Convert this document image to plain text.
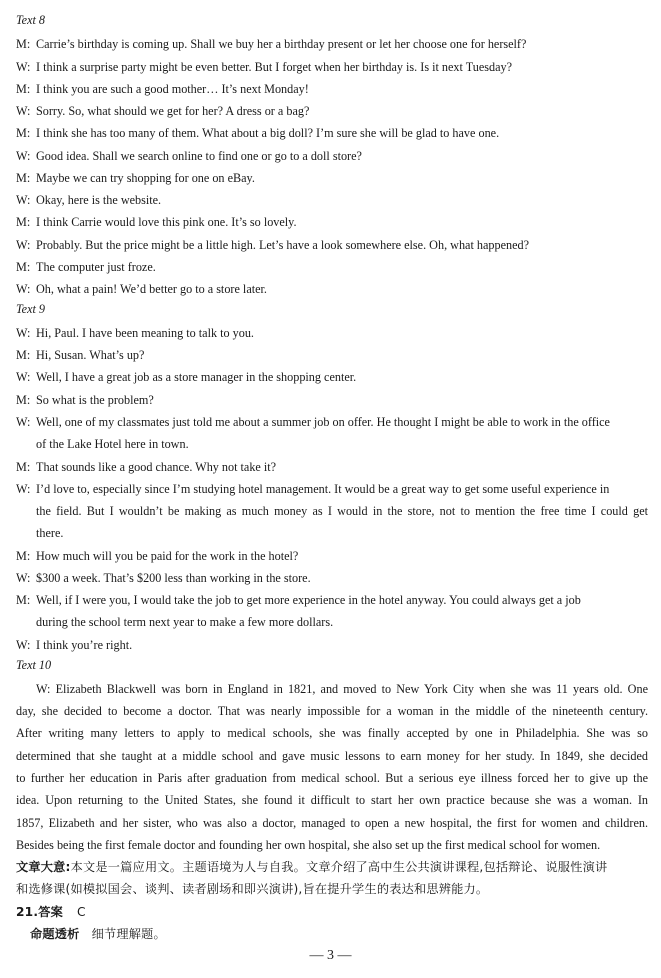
Text 8
M: Carrie’s birthday is coming up. Shall we buy her a birthday present or let her choose one for herself?
W: I think a surprise party might be even better. But I forget when her birthday is. Is it next Tuesday?
M: I think you are such a good mother… It’s next Monday!
W: Sorry. So, what should we get for her? A dress or a bag?
M: I think she has too many of them. What about a big doll? I’m sure she will be glad to have one.
W: Good idea. Shall we search online to find one or go to a doll store?
M: Maybe we can try shopping for one on eBay.
W: Okay, here is the website.
M: I think Carrie would love this pink one. It’s so lovely.
W: Probably. But the price might be a little high. Let’s have a look somewhere else. Oh, what happened?
M: The computer just froze.
W: Oh, what a pain! We’d better go to a store later.
Text 9
W: Hi, Paul. I have been meaning to talk to you.
M: Hi, Susan. What’s up?
W: Well, I have a great job as a store manager in the shopping center.
M: So what is the problem?
W: Well, one of my classmates just told me about a summer job on offer. He thought I might be able to work in the office
of the Lake Hotel here in town.
M: That sounds like a good chance. Why not take it?
W: I’d love to, especially since I’m studying hotel management. It would be a great way to get some useful experience in
the field. But I wouldn’t be making as much money as I would in the store, not to mention the free time I could get
there.
M: How much will you be paid for the work in the hotel?
W: $300 a week. That’s $200 less than working in the store.
M: Well, if I were you, I would take the job to get more experience in the hotel anyway. You could always get a job
during the school term next year to make a few more dollars.
W: I think you’re right.
Text 10
W: Elizabeth Blackwell was born in England in 1821, and moved to New York City when she was 11 years old. One
day, she decided to become a doctor. That was nearly impossible for a woman in the middle of the nineteenth century.
After writing many letters to apply to medical schools, she was finally accepted by one in Philadelphia. She was so
determined that she taught at a middle school and gave music lessons to earn money for her study. In 1849, she decided
to further her education in Paris after graduation from medical school. But a serious eye illness forced her to give up the
idea. Upon returning to the United States, she found it difficult to start her own practice because she was a woman. In
1857, Elizabeth and her sister, who was also a doctor, managed to open a new hospital, the first for women and children.
Besides being the first female doctor and founding her own hospital, she also set up the first medical school for women.
文章大意:本文是一篇应用文。主题语境为人与自我。文章介绍了高中生公共演讲课程,包括辩论、说服性演讲
和选修课(如模拟国会、谈判、读者剧场和即兴演讲),旨在提升学生的表达和思辨能力。
21.答案 C
命题透析 细节理解题。
— 3 —
